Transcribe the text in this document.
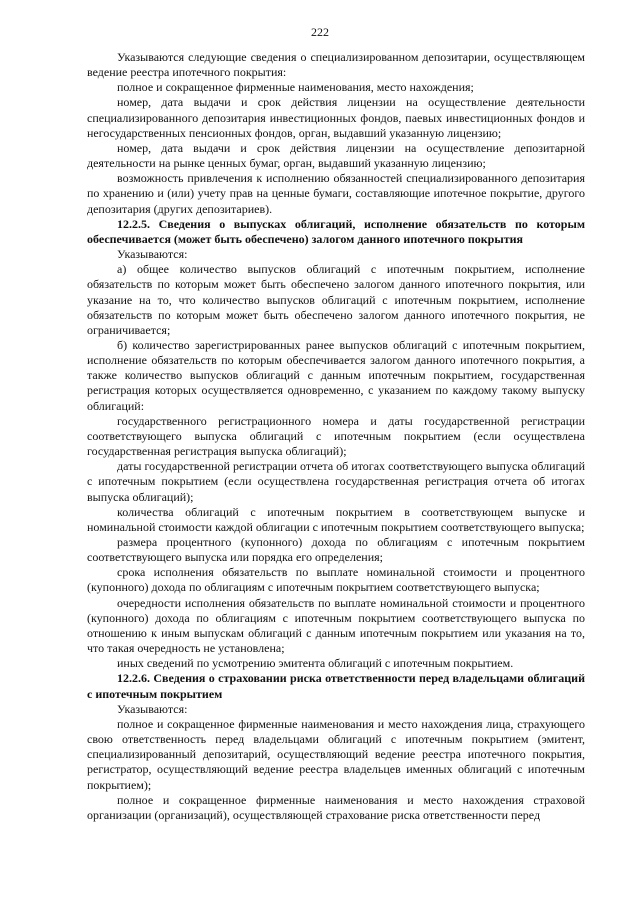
222

Указываются следующие сведения о специализированном депозитарии, осуществляющем ведение реестра ипотечного покрытия:

полное и сокращенное фирменные наименования, место нахождения;

номер, дата выдачи и срок действия лицензии на осуществление деятельности специализированного депозитария инвестиционных фондов, паевых инвестиционных фондов и негосударственных пенсионных фондов, орган, выдавший указанную лицензию;

номер, дата выдачи и срок действия лицензии на осуществление депозитарной деятельности на рынке ценных бумаг, орган, выдавший указанную лицензию;

возможность привлечения к исполнению обязанностей специализированного депозитария по хранению и (или) учету прав на ценные бумаги, составляющие ипотечное покрытие, другого депозитария (других депозитариев).

12.2.5. Сведения о выпусках облигаций, исполнение обязательств по которым обеспечивается (может быть обеспечено) залогом данного ипотечного покрытия

Указываются:

а) общее количество выпусков облигаций с ипотечным покрытием, исполнение обязательств по которым может быть обеспечено залогом данного ипотечного покрытия, или указание на то, что количество выпусков облигаций с ипотечным покрытием, исполнение обязательств по которым может быть обеспечено залогом данного ипотечного покрытия, не ограничивается;

б) количество зарегистрированных ранее выпусков облигаций с ипотечным покрытием, исполнение обязательств по которым обеспечивается залогом данного ипотечного покрытия, а также количество выпусков облигаций с данным ипотечным покрытием, государственная регистрация которых осуществляется одновременно, с указанием по каждому такому выпуску облигаций:

государственного регистрационного номера и даты государственной регистрации соответствующего выпуска облигаций с ипотечным покрытием (если осуществлена государственная регистрация выпуска облигаций);

даты государственной регистрации отчета об итогах соответствующего выпуска облигаций с ипотечным покрытием (если осуществлена государственная регистрация отчета об итогах выпуска облигаций);

количества облигаций с ипотечным покрытием в соответствующем выпуске и номинальной стоимости каждой облигации с ипотечным покрытием соответствующего выпуска;

размера процентного (купонного) дохода по облигациям с ипотечным покрытием соответствующего выпуска или порядка его определения;

срока исполнения обязательств по выплате номинальной стоимости и процентного (купонного) дохода по облигациям с ипотечным покрытием соответствующего выпуска;

очередности исполнения обязательств по выплате номинальной стоимости и процентного (купонного) дохода по облигациям с ипотечным покрытием соответствующего выпуска по отношению к иным выпускам облигаций с данным ипотечным покрытием или указания на то, что такая очередность не установлена;

иных сведений по усмотрению эмитента облигаций с ипотечным покрытием.

12.2.6. Сведения о страховании риска ответственности перед владельцами облигаций с ипотечным покрытием

Указываются:

полное и сокращенное фирменные наименования и место нахождения лица, страхующего свою ответственность перед владельцами облигаций с ипотечным покрытием (эмитент, специализированный депозитарий, осуществляющий ведение реестра ипотечного покрытия, регистратор, осуществляющий ведение реестра владельцев именных облигаций с ипотечным покрытием);

полное и сокращенное фирменные наименования и место нахождения страховой организации (организаций), осуществляющей страхование риска ответственности перед
